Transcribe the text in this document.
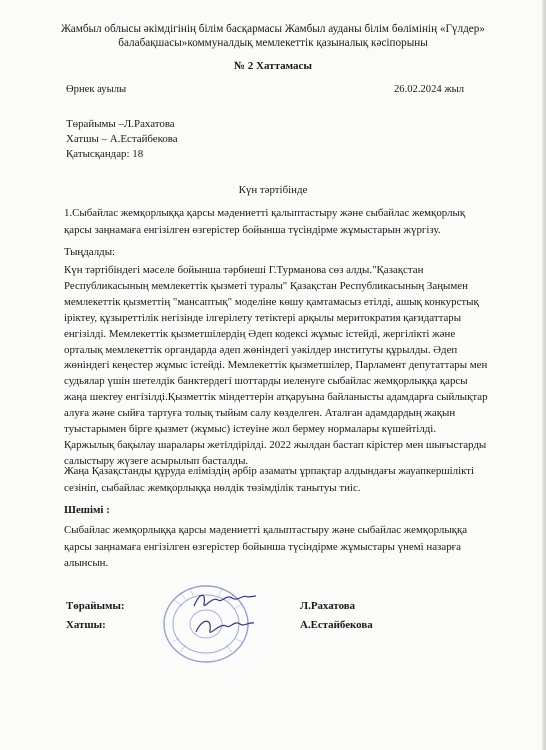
Жамбыл облысы әкімдігінің білім басқармасы Жамбыл ауданы білім бөлімінің «Гүлдер»
балабақшасы»коммуналдық мемлекеттік қазыналық кәсіпорыны
№ 2 Хаттамасы
Өрнек ауылы	26.02.2024 жыл
Төрайымы –Л.Рахатова
Хатшы – А.Естайбекова
Қатысқандар: 18
Күн тәртібінде
1.Сыбайлас жемқорлыққа қарсы мәдениетті қалыптастыру және сыбайлас жемқорлық
қарсы заңнамаға енгізілген өзгерістер бойынша түсіндірме жұмыстарын жүргізу.
Тыңдалды:
Күн тәртібіндегі мәселе бойынша тәрбиеші Г.Турманова сөз алды."Қазақстан
Республикасының мемлекеттік қызметі туралы" Қазақстан Республикасының Заңымен
мемлекеттік қызметтің "мансаптық" моделіне көшу қамтамасыз етілді, ашық конкурстық
іріктеу, құзыреттілік негізінде ілгерілету тетіктері арқылы меритократия қағидаттары
енгізілді. Мемлекеттік қызметшілердің Әдеп кодексі жұмыс істейді, жергілікті және
орталық мемлекеттік органдарда әдеп жөніндегі уәкілдер институты құрылды. Әдеп
жөніндегі кеңестер жұмыс істейді. Мемлекеттік қызметшілер, Парламент депутаттары мен
судьялар үшін шетелдік банктердегі шоттарды иеленуге сыбайлас жемқорлыққа қарсы
жаңа шектеу енгізілді.Қызметтік міндеттерін атқаруына байланысты адамдарға сыйлықтар
алуға және сыйға тартуға толық тыйым салу көзделген. Аталған адамдардың жақын
туыстарымен бірге қызмет (жұмыс) істеуіне жол бермеу нормалары күшейтілді.
Қаржылық бақылау шаралары жетілдірілді. 2022 жылдан бастап кірістер мен шығыстарды
салыстыру жүзеге асырылып басталды.
Жаңа Қазақстанды құруда еліміздің әрбір азаматы ұрпақтар алдындағы жауапкершілікті
сезініп, сыбайлас жемқорлыққа нөлдік төзімділік танытуы тиіс.
Шешімі :
Сыбайлас жемқорлыққа қарсы мәдениетті қалыптастыру және сыбайлас жемқорлыққа
қарсы заңнамаға енгізілген өзгерістер бойынша түсіндірме жұмыстары үнемі назарға
алынсын.
Төрайымы:	Л.Рахатова
Хатшы:	А.Естайбекова
